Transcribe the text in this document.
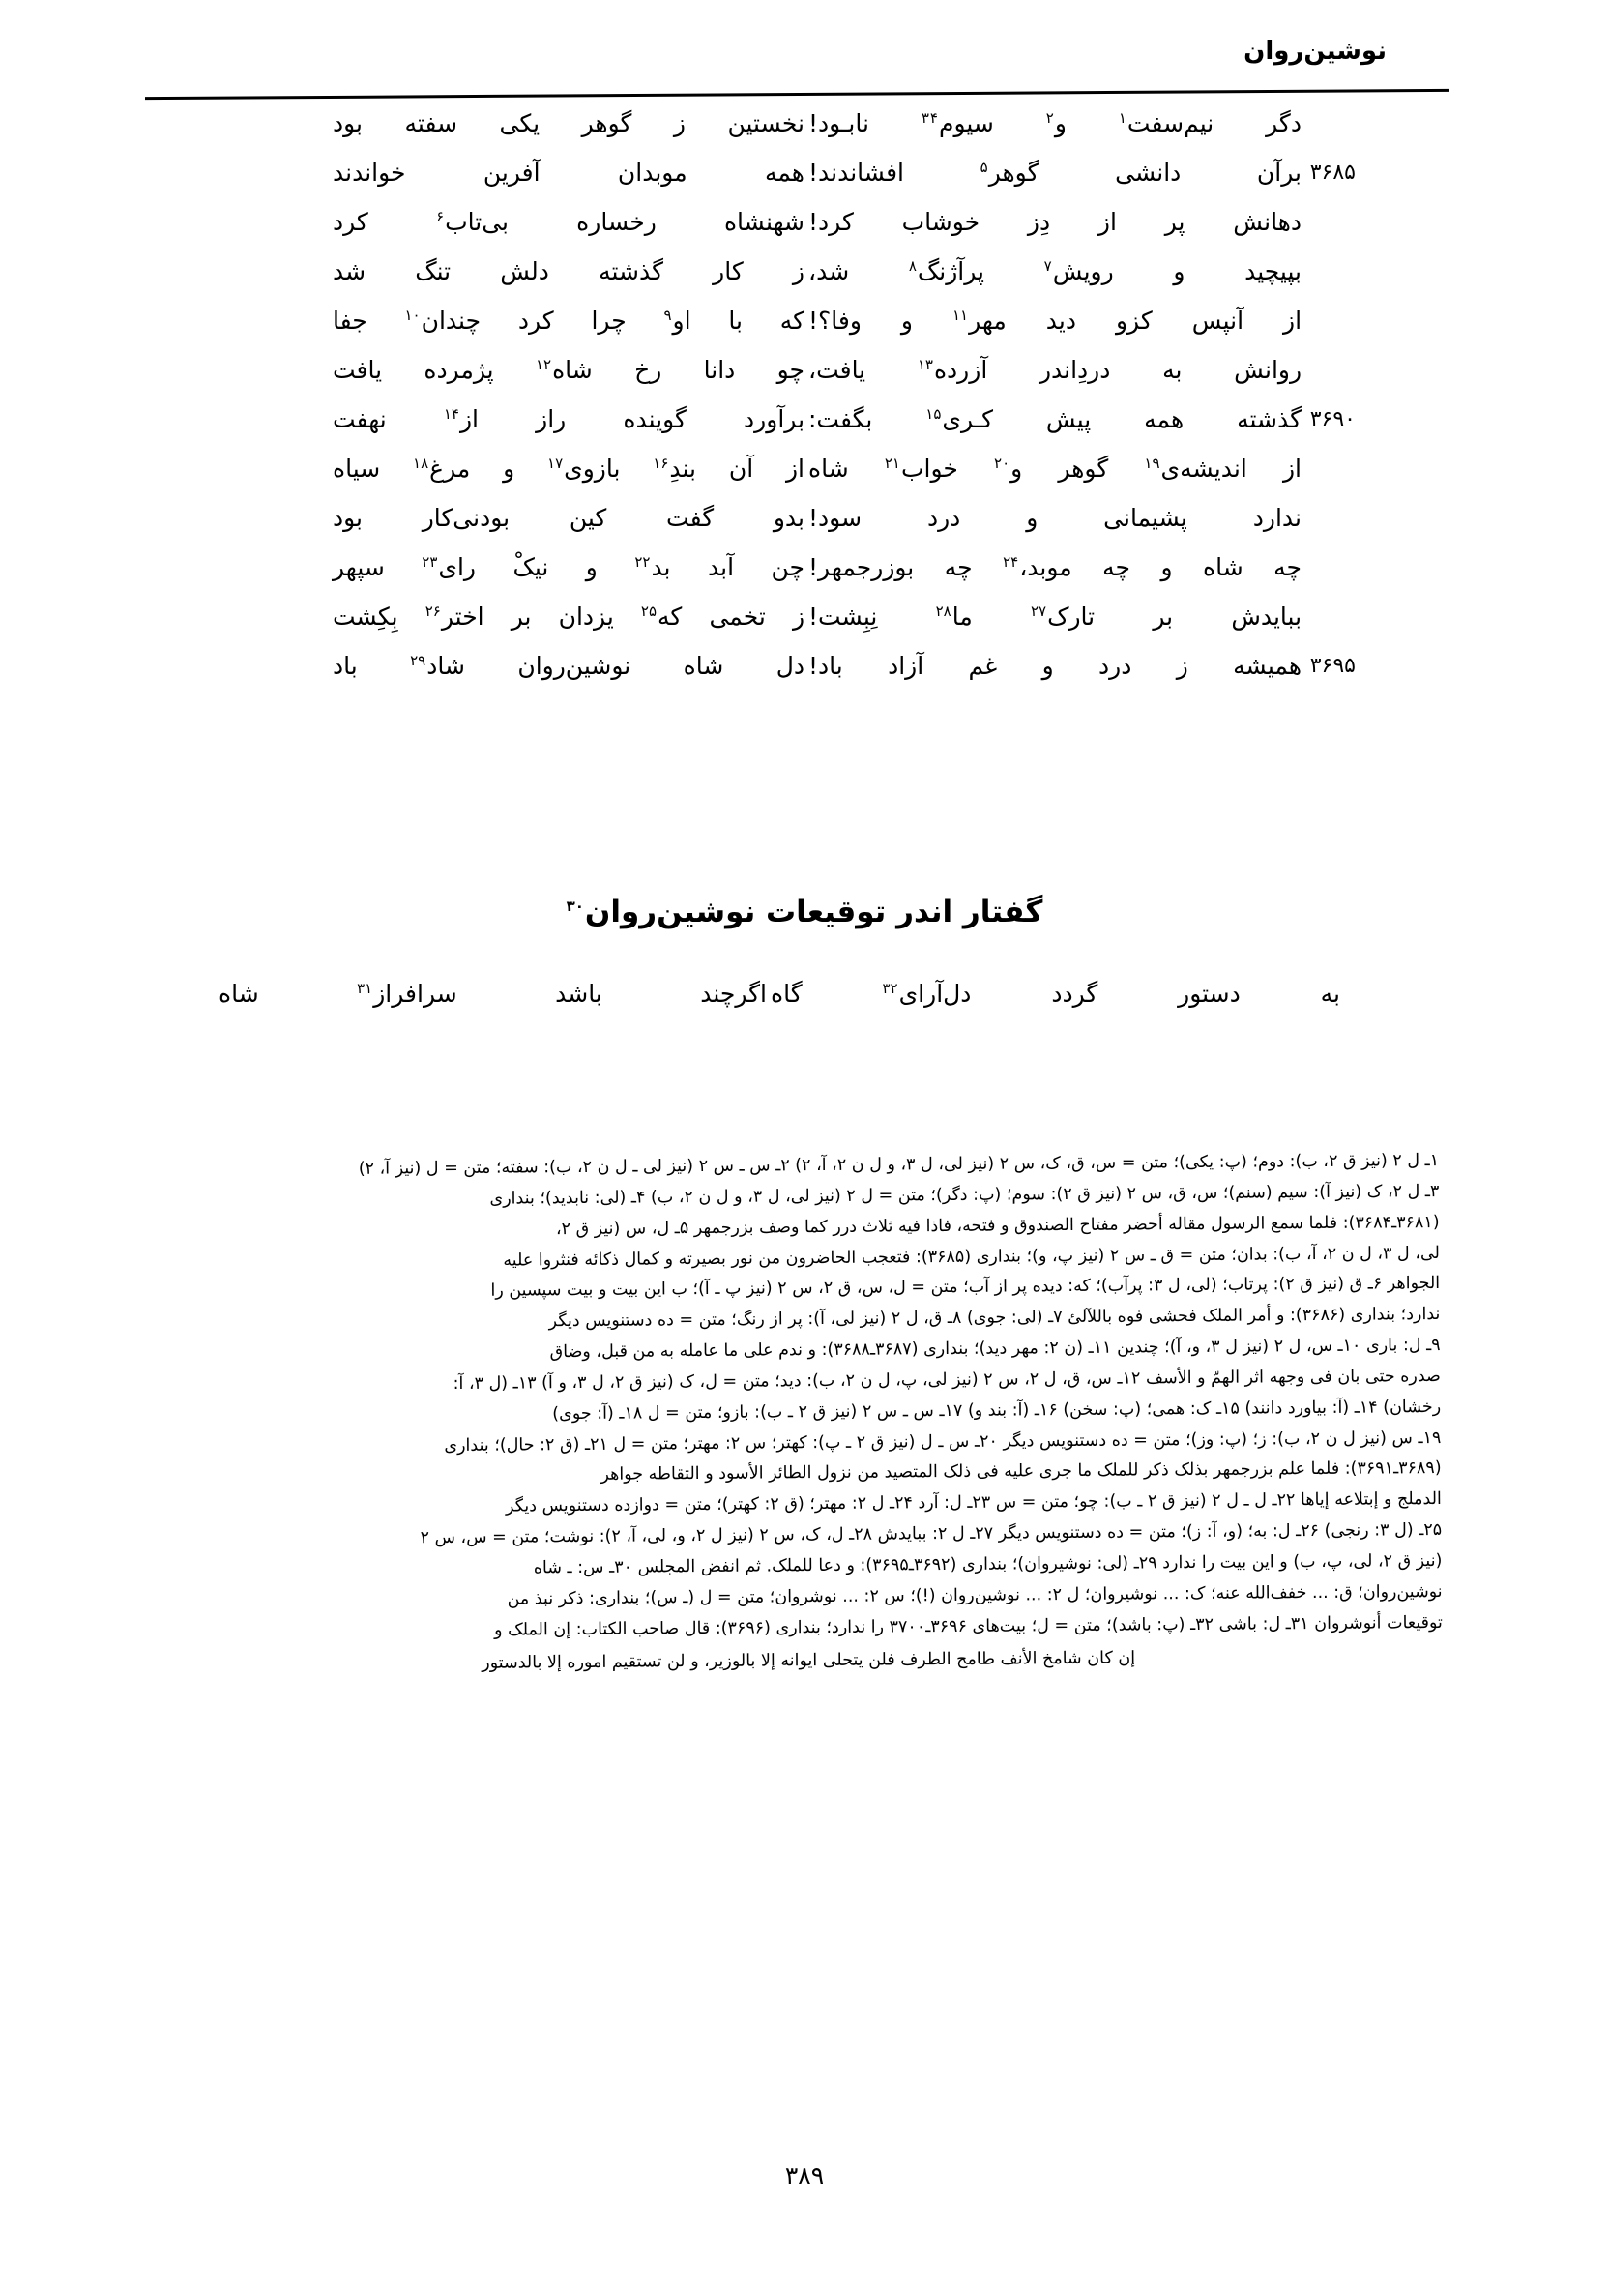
نوشین‌روان
دگر نیم‌سفت$^۱$ و$^۲$ سیوم$^{۳۴}$ نابـود!
نخستین ز گوهر یکی سفته بود
۳۶۸۵
برآن دانشی گوهر$^۵$ افشاندند!
همه موبدان آفرین خواندند
دهانش پر از دِز خوشاب کرد!
شهنشاه رخساره بی‌تاب$^۶$ کرد
بپیچید و رویش$^۷$ پرآژنگ$^۸$ شد،
ز کار گذشته دلش تنگ شد
از آنپس کزو دید مهر$^{۱۱}$ و وفا؟!
که با او$^۹$ چرا کرد چندان$^{۱۰}$ جفا
روانش به دردِاندر آزرده$^{۱۳}$ یافت،
چو دانا رخ شاه$^{۱۲}$ پژمرده یافت
۳۶۹۰
گذشته همه پیش کـری$^{۱۵}$ بگفت:
برآورد گوینده راز از$^{۱۴}$ نهفت
از اندیشه‌ی$^{۱۹}$ گوهر و$^{۲۰}$ خواب$^{۲۱}$ شاه
از آن بندِ$^{۱۶}$ بازوی$^{۱۷}$ و مرغ$^{۱۸}$ سیاه
ندارد پشیمانی و درد سود!
بدو گفت کین بودنی‌کار بود
چه شاه و چه موبد،$^{۲۴}$ چه بوزرجمهر!
چن آبد بد$^{۲۲}$ و نیکْ رای$^{۲۳}$ سپهر
ببایدش بر تارک$^{۲۷}$ ما$^{۲۸}$ نِبِشت!
ز تخمی که$^{۲۵}$ یزدان بر اختر$^{۲۶}$ بِکِشت
۳۶۹۵
همیشه ز درد و غم آزاد باد!
دل شاه نوشین‌روان شاد$^{۲۹}$ باد
گفتار اندر توقیعات نوشین‌روان$^{۳۰}$
به دستور گردد دل‌آرای$^{۳۲}$ گاه
اگرچند باشد سرافراز$^{۳۱}$ شاه

۱ـ ل ۲ (نیز ق ۲، ب): دوم؛ (پ: یکی)؛ متن = س، ق، ک، س ۲ (نیز لی، ل ۳، و ل ن ۲، آ، ۲) ۲ـ س ـ س ۲ (نیز لی ـ ل ن ۲، ب): سفته؛ متن = ل (نیز آ، ۲)

۳ـ ل ۲، ک (نیز آ): سیم (سنم)؛ س، ق، س ۲ (نیز ق ۲): سوم؛ (پ: دگر)؛ متن = ل ۲ (نیز لی، ل ۳، و ل ن ۲، ب) ۴ـ (لی: نابدید)؛ بنداری

(۳۶۸۱ـ۳۶۸۴): فلما سمع الرسول مقاله أحضر مفتاح الصندوق و فتحه، فاذا فیه ثلاث درر کما وصف بزرجمهر ۵ـ ل، س (نیز ق ۲،

لی، ل ۳، ل ن ۲، آ، ب): بدان؛ متن = ق ـ س ۲ (نیز پ، و)؛ بنداری (۳۶۸۵): فتعجب الحاضرون من نور بصیرته و کمال ذکائه فنثروا علیه

الجواهر ۶ـ ق (نیز ق ۲): پرتاب؛ (لی، ل ۳: پرآب)؛ که: دیده پر از آب؛ متن = ل، س، ق ۲، س ۲ (نیز پ ـ آ)؛ ب این بیت و بیت سپسین را

ندارد؛ بنداری (۳۶۸۶): و أمر الملک فحشی فوه باللآلئ ۷ـ (لی: جوی) ۸ـ ق، ل ۲ (نیز لی، آ): پر از رنگ؛ متن = ده دستنویس دیگر

۹ـ ل: باری ۱۰ـ س، ل ۲ (نیز ل ۳، و، آ)؛ چندین ۱۱ـ (ن ۲: مهر دید)؛ بنداری (۳۶۸۷ـ۳۶۸۸): و ندم علی ما عامله به من قبل، وضاق

صدره حتی بان فی وجهه اثر الهمّ و الأسف ۱۲ـ س، ق، ل ۲، س ۲ (نیز لی، پ، ل ن ۲، ب): دید؛ متن = ل، ک (نیز ق ۲، ل ۳، و آ) ۱۳ـ (ل ۳، آ:

رخشان) ۱۴ـ (آ: بیاورد دانند) ۱۵ـ ک: همی؛ (پ: سخن) ۱۶ـ (آ: بند و) ۱۷ـ س ـ س ۲ (نیز ق ۲ ـ ب): بازو؛ متن = ل ۱۸ـ (آ: جوی)

۱۹ـ س (نیز ل ن ۲، ب): ز؛ (پ: وز)؛ متن = ده دستنویس دیگر ۲۰ـ س ـ ل (نیز ق ۲ ـ پ): کهتر؛ س ۲: مهتر؛ متن = ل ۲۱ـ (ق ۲: حال)؛ بنداری

(۳۶۸۹ـ۳۶۹۱): فلما علم بزرجمهر بذلک ذکر للملک ما جری علیه فی ذلک المتصید من نزول الطائر الأسود و التقاطه جواهر

الدملج و إبتلاعه إیاها ۲۲ـ ل ـ ل ۲ (نیز ق ۲ ـ ب): چو؛ متن = س ۲۳ـ ل: آرد ۲۴ـ ل ۲: مهتر؛ (ق ۲: کهتر)؛ متن = دوازده دستنویس دیگر

۲۵ـ (ل ۳: رنجی) ۲۶ـ ل: به؛ (و، آ: ز)؛ متن = ده دستنویس دیگر ۲۷ـ ل ۲: ببایدش ۲۸ـ ل، ک، س ۲ (نیز ل ۲، و، لی، آ، ۲): نوشت؛ متن = س، س ۲

(نیز ق ۲، لی، پ، ب) و این بیت را ندارد ۲۹ـ (لی: نوشیروان)؛ بنداری (۳۶۹۲ـ۳۶۹۵): و دعا للملک. ثم انفض المجلس ۳۰ـ س: ـ شاه

نوشین‌روان؛ ق: ... خفف‌الله عنه؛ ک: ... نوشیروان؛ ل ۲: ... نوشین‌روان (!)؛ س ۲: ... نوشروان؛ متن = ل (ـ س)؛ بنداری: ذکر نبذ من

توقیعات أنوشروان ۳۱ـ ل: باشی ۳۲ـ (پ: باشد)؛ متن = ل؛ بیت‌های ۳۶۹۶ـ۳۷۰۰ را ندارد؛ بنداری (۳۶۹۶): قال صاحب الکتاب: إن الملک و

إن کان شامخ الأنف طامح الطرف فلن یتحلی ایوانه إلا بالوزیر، و لن تستقیم اموره إلا بالدستور

۳۸۹
